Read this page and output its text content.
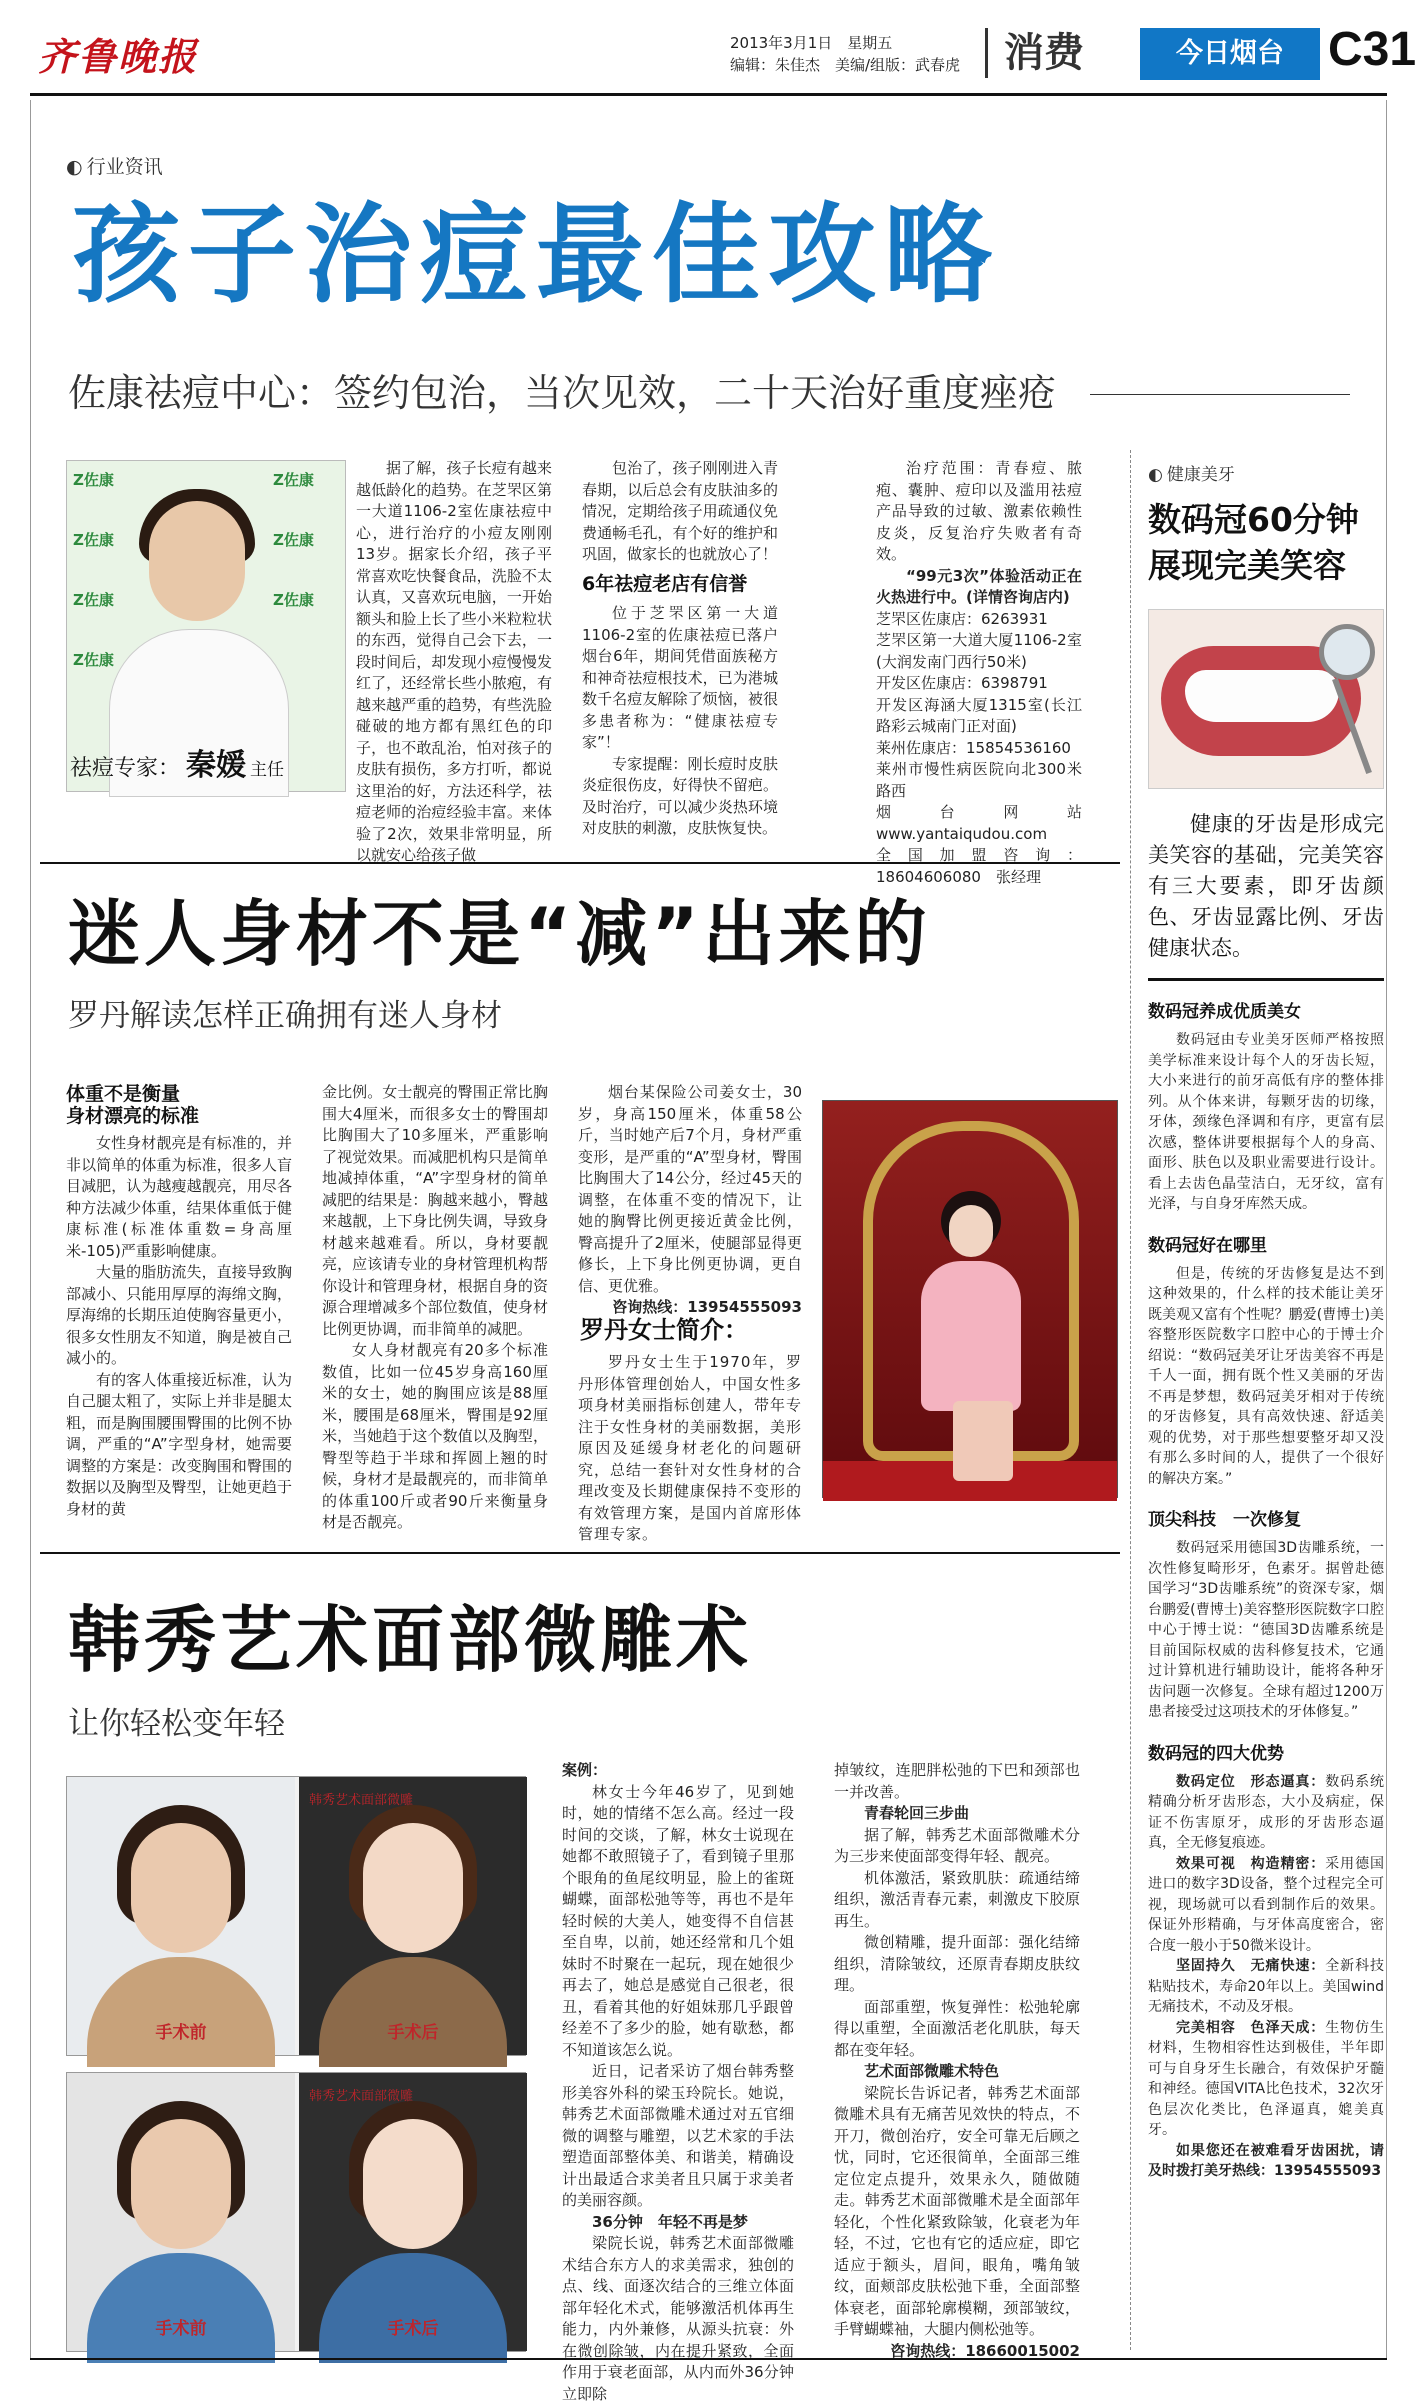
齐鲁晚报	2013年3月1日　星期五
编辑：朱佳杰　美编/组版：武春虎	消费	今日烟台 C31
◐ 行业资讯
孩子治痘最佳攻略
佐康祛痘中心：签约包治，当次见效，二十天治好重度痤疮
Z佐康
Z佐康
Z佐康
Z佐康
Z佐康
Z佐康
Z佐康
祛痘专家： 秦媛 主任

据了解，孩子长痘有越来越低龄化的趋势。在芝罘区第一大道1106-2室佐康祛痘中心，进行治疗的小痘友刚刚13岁。据家长介绍，孩子平常喜欢吃快餐食品，洗脸不太认真，又喜欢玩电脑，一开始额头和脸上长了些小米粒粒状的东西，觉得自己会下去，一段时间后，却发现小痘慢慢发红了，还经常长些小脓疱，有越来越严重的趋势，有些洗脸碰破的地方都有黑红色的印子，也不敢乱治，怕对孩子的皮肤有损伤，多方打听，都说这里治的好，方法还科学，祛痘老师的治痘经验丰富。来体验了2次，效果非常明显，所以就安心给孩子做

包治了，孩子刚刚进入青春期，以后总会有皮肤油多的情况，定期给孩子用疏通仪免费通畅毛孔，有个好的维护和巩固，做家长的也就放心了！

6年祛痘老店有信誉

位于芝罘区第一大道1106-2室的佐康祛痘已落户烟台6年，期间凭借面族秘方和神奇祛痘根技术，已为港城数千名痘友解除了烦恼，被很多患者称为：“健康祛痘专家”！

专家提醒：刚长痘时皮肤炎症很伤皮，好得快不留疤。及时治疗，可以减少炎热环境对皮肤的刺激，皮肤恢复快。

治疗范围：青春痘、脓疱、囊肿、痘印以及滥用祛痘产品导致的过敏、激素依赖性皮炎，反复治疗失败者有奇效。

“99元3次”体验活动正在火热进行中。(详情咨询店内)

芝罘区佐康店：6263931
芝罘区第一大道大厦1106-2室(大润发南门西行50米)
开发区佐康店：6398791
开发区海涵大厦1315室(长江路彩云城南门正对面)
莱州佐康店：15854536160
莱州市慢性病医院向北300米路西
烟台网站www.yantaiqudou.com
全国加盟咨询：18604606080　张经理
迷人身材不是“减”出来的
罗丹解读怎样正确拥有迷人身材
体重不是衡量
身材漂亮的标准

女性身材靓亮是有标准的，并非以简单的体重为标准，很多人盲目减肥，认为越瘦越靓亮，用尽各种方法减少体重，结果体重低于健康标准(标准体重数=身高厘米-105)严重影响健康。

大量的脂肪流失，直接导致胸部减小、只能用厚厚的海绵文胸，厚海绵的长期压迫使胸容量更小，很多女性朋友不知道，胸是被自己减小的。

有的客人体重接近标准，认为自己腿太粗了，实际上并非是腿太粗，而是胸围腰围臀围的比例不协调，严重的“A”字型身材，她需要调整的方案是：改变胸围和臀围的数据以及胸型及臀型，让她更趋于身材的黄

金比例。女士靓亮的臀围正常比胸围大4厘米，而很多女士的臀围却比胸围大了10多厘米，严重影响了视觉效果。而减肥机构只是简单地减掉体重，“A”字型身材的简单减肥的结果是：胸越来越小，臀越来越靓，上下身比例失调，导致身材越来越难看。所以，身材要靓亮，应该请专业的身材管理机构帮你设计和管理身材，根据自身的资源合理增减多个部位数值，使身材比例更协调，而非简单的减肥。

女人身材靓亮有20多个标准数值，比如一位45岁身高160厘米的女士，她的胸围应该是88厘米，腰围是68厘米，臀围是92厘米，当她趋于这个数值以及胸型，臀型等趋于半球和挥圆上翘的时候，身材才是最靓亮的，而非简单的体重100斤或者90斤来衡量身材是否靓亮。

烟台某保险公司姜女士，30岁，身高150厘米，体重58公斤，当时她产后7个月，身材严重变形，是严重的“A”型身材，臀围比胸围大了14公分，经过45天的调整，在体重不变的情况下，让她的胸臀比例更接近黄金比例，臀高提升了2厘米，使腿部显得更修长，上下身比例更协调，更自信、更优雅。

咨询热线：13954555093
罗丹女士简介：

罗丹女士生于1970年，罗丹形体管理创始人，中国女性多项身材美丽指标创建人，带年专注于女性身材的美丽数据，美形原因及延缓身材老化的问题研究，总结一套针对女性身材的合理改变及长期健康保持不变形的有效管理方案，是国内首席形体管理专家。

韩秀艺术面部微雕术
让你轻松变年轻
手术前
韩秀艺术面部微雕
手术后
手术前
韩秀艺术面部微雕
手术后
案例：

林女士今年46岁了，见到她时，她的情绪不怎么高。经过一段时间的交谈，了解，林女士说现在她都不敢照镜子了，看到镜子里那个眼角的鱼尾纹明显，脸上的雀斑蝴蝶，面部松弛等等，再也不是年轻时候的大美人，她变得不自信甚至自卑，以前，她还经常和几个姐妹时不时聚在一起玩，现在她很少再去了，她总是感觉自己很老，很丑，看着其他的好姐妹那几乎跟曾经差不了多少的脸，她有歇愁，都不知道该怎么说。

近日，记者采访了烟台韩秀整形美容外科的梁玉玲院长。她说，韩秀艺术面部微雕术通过对五官细微的调整与雕塑，以艺术家的手法塑造面部整体美、和谐美，精确设计出最适合求美者且只属于求美者的美丽容颜。

36分钟　年轻不再是梦

梁院长说，韩秀艺术面部微雕术结合东方人的求美需求，独创的点、线、面逐次结合的三维立体面部年轻化术式，能够激活机体再生能力，内外兼修，从源头抗衰：外在微创除皱，内在提升紧致，全面作用于衰老面部，从内而外36分钟立即除

掉皱纹，连肥胖松弛的下巴和颈部也一并改善。

青春轮回三步曲

据了解，韩秀艺术面部微雕术分为三步来使面部变得年轻、靓亮。

机体激活，紧致肌肤：疏通结缔组织，激活青春元素，刺激皮下胶原再生。

微创精雕，提升面部：强化结缔组织，清除皱纹，还原青春期皮肤纹理。

面部重塑，恢复弹性：松弛轮廓得以重塑，全面激活老化肌肤，每天都在变年轻。

艺术面部微雕术特色

梁院长告诉记者，韩秀艺术面部微雕术具有无痛苦见效快的特点，不开刀，微创治疗，安全可靠无后顾之忧，同时，它还很简单，全面部三维定位定点提升，效果永久，随做随走。韩秀艺术面部微雕术是全面部年轻化，个性化紧致除皱，化衰老为年轻，不过，它也有它的适应症，即它适应于额头，眉间，眼角，嘴角皱纹，面颊部皮肤松弛下垂，全面部整体衰老，面部轮廓模糊，颈部皱纹，手臂蝴蝶袖，大腿内侧松弛等。

咨询热线：18660015002
◐ 健康美牙
数码冠60分钟
展现完美笑容
健康的牙齿是形成完美笑容的基础，完美笑容有三大要素，即牙齿颜色、牙齿显露比例、牙齿健康状态。
数码冠养成优质美女

数码冠由专业美牙医师严格按照美学标准来设计每个人的牙齿长短，大小来进行的前牙高低有序的整体排列。从个体来讲，每颗牙齿的切缘，牙体，颈缘色泽调和有序，更富有层次感，整体讲要根据每个人的身高、面形、肤色以及职业需要进行设计。看上去齿色晶莹洁白，无牙纹，富有光泽，与自身牙库然天成。

数码冠好在哪里

但是，传统的牙齿修复是达不到这种效果的，什么样的技术能让美牙既美观又富有个性呢？鹏爱(曹博士)美容整形医院数字口腔中心的于博士介绍说：“数码冠美牙让牙齿美容不再是千人一面，拥有既个性又美丽的牙齿不再是梦想，数码冠美牙相对于传统的牙齿修复，具有高效快速、舒适美观的优势，对于那些想要整牙却又没有那么多时间的人，提供了一个很好的解决方案。”

顶尖科技　一次修复

数码冠采用德国3D齿雕系统，一次性修复畸形牙，色素牙。据曾赴德国学习“3D齿雕系统”的资深专家，烟台鹏爱(曹博士)美容整形医院数字口腔中心于博士说：“德国3D齿雕系统是目前国际权威的齿科修复技术，它通过计算机进行辅助设计，能将各种牙齿问题一次修复。全球有超过1200万患者接受过这项技术的牙体修复。”

数码冠的四大优势

数码定位　形态逼真：数码系统精确分析牙齿形态，大小及病症，保证不伤害原牙，成形的牙齿形态逼真，全无修复痕迹。

效果可视　构造精密：采用德国进口的数字3D设备，整个过程完全可视，现场就可以看到制作后的效果。保证外形精确，与牙体高度密合，密合度一般小于50微米设计。

坚固持久　无痛快速：全新科技粘贴技术，寿命20年以上。美国wind无痛技术，不动及牙根。

完美相容　色泽天成：生物仿生材料，生物相容性达到极佳，半年即可与自身牙生长融合，有效保护牙髓和神经。德国VITA比色技术，32次牙色层次化类比，色泽逼真，媲美真牙。

如果您还在被难看牙齿困扰，请及时拨打美牙热线：13954555093
